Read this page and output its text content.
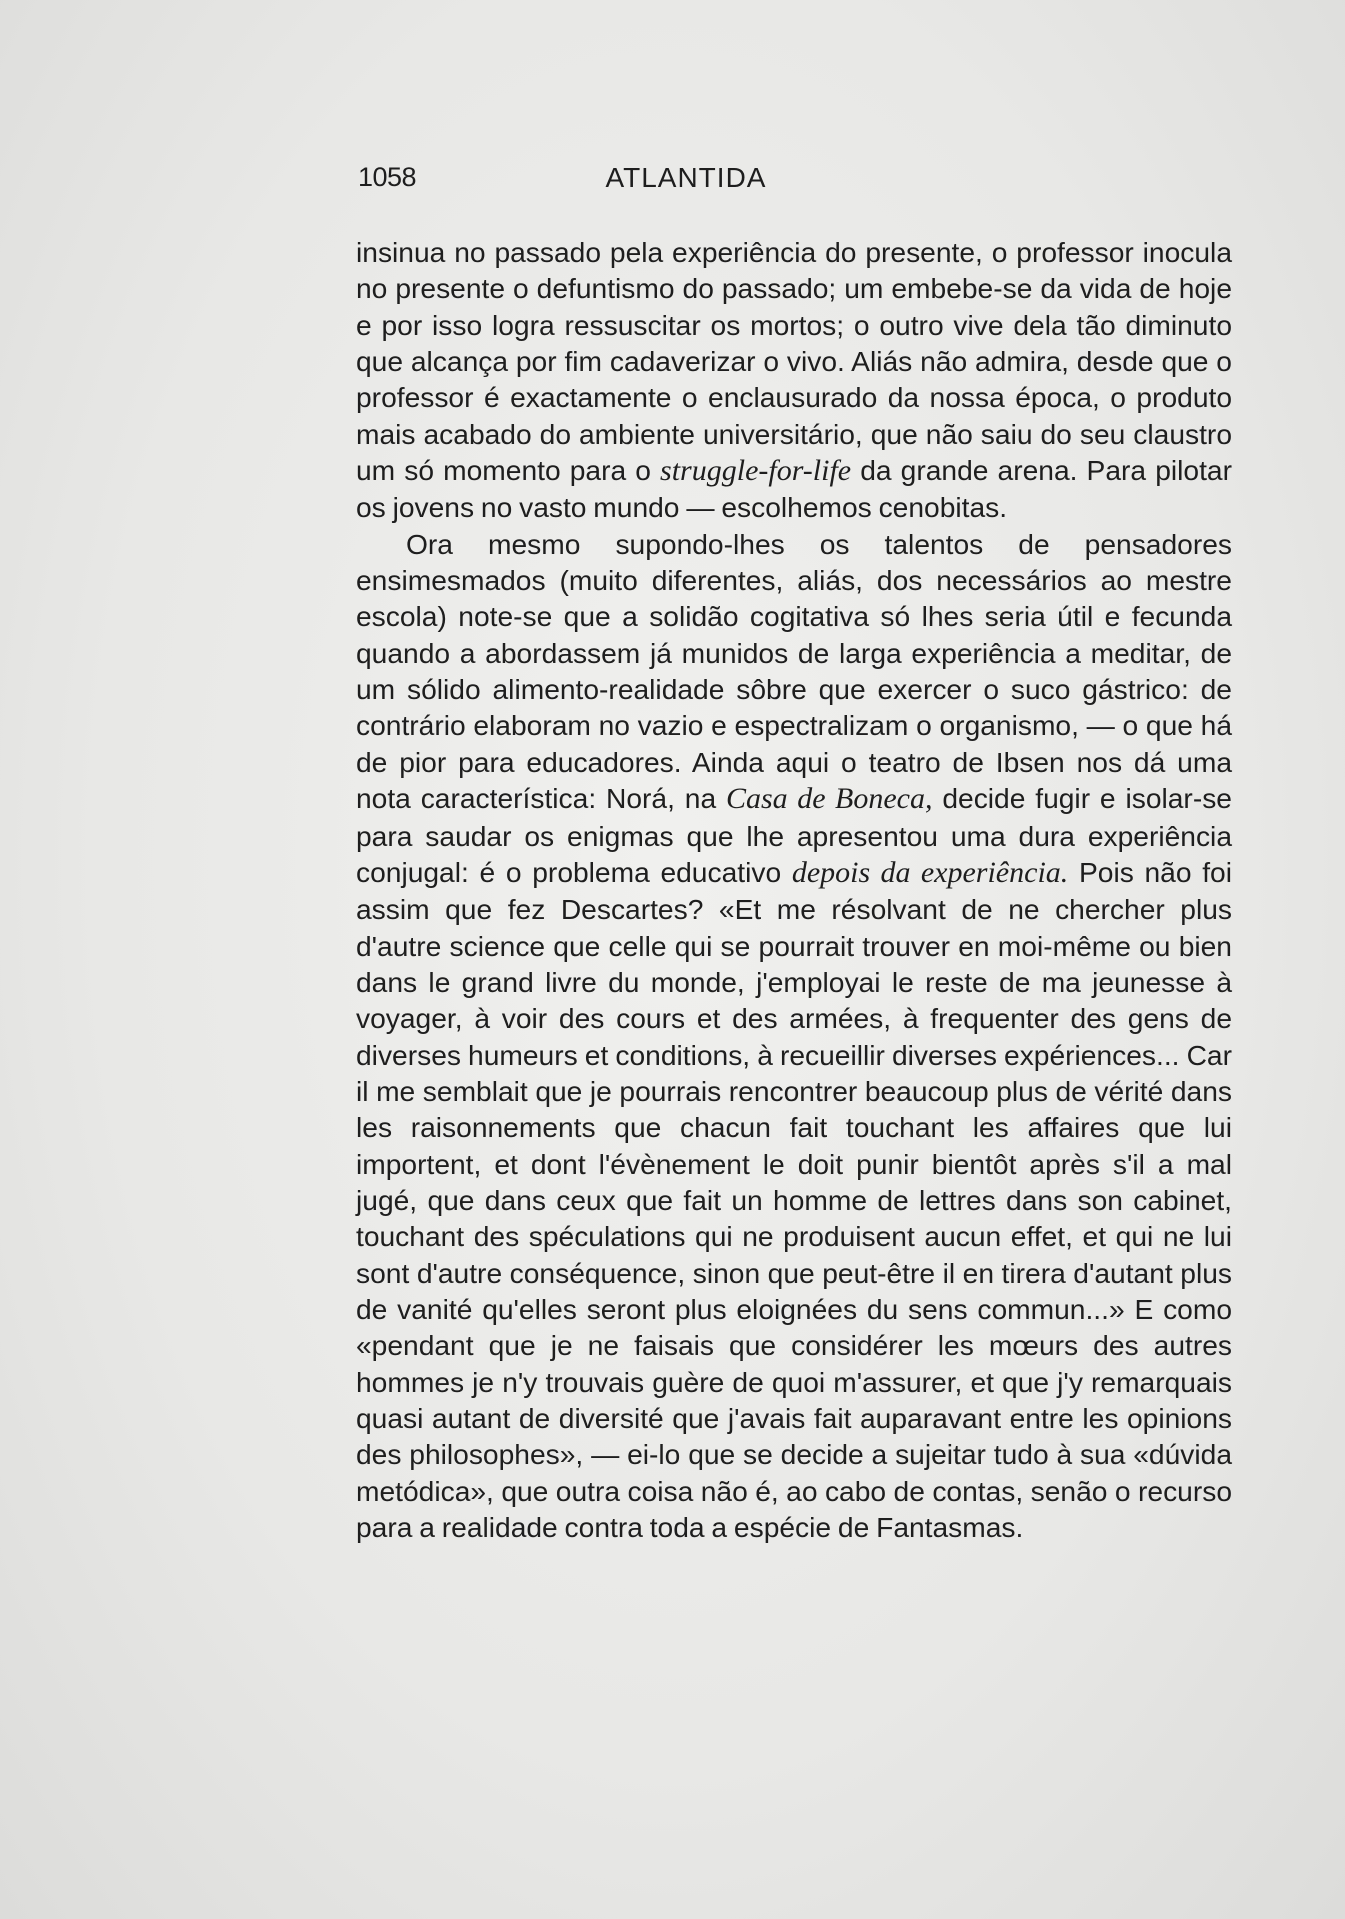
1058	ATLANTIDA

insinua no passado pela experiência do presente, o professor inocula no presente o defuntismo do passado; um embebe-se da vida de hoje e por isso logra ressuscitar os mortos; o outro vive dela tão diminuto que alcança por fim cadaverizar o vivo. Aliás não admira, desde que o professor é exactamente o enclausurado da nossa época, o produto mais acabado do ambiente universitário, que não saiu do seu claustro um só momento para o struggle-for-life da grande arena. Para pilotar os jovens no vasto mundo — escolhemos cenobitas.

Ora mesmo supondo-lhes os talentos de pensadores ensimesmados (muito diferentes, aliás, dos necessários ao mestre escola) note-se que a solidão cogitativa só lhes seria útil e fecunda quando a abordassem já munidos de larga experiência a meditar, de um sólido alimento-realidade sôbre que exercer o suco gástrico: de contrário elaboram no vazio e espectralizam o organismo, — o que há de pior para educadores. Ainda aqui o teatro de Ibsen nos dá uma nota característica: Norá, na Casa de Boneca, decide fugir e isolar-se para saudar os enigmas que lhe apresentou uma dura experiência conjugal: é o problema educativo depois da experiência. Pois não foi assim que fez Descartes? «Et me résolvant de ne chercher plus d'autre science que celle qui se pourrait trouver en moi-même ou bien dans le grand livre du monde, j'employai le reste de ma jeunesse à voyager, à voir des cours et des armées, à frequenter des gens de diverses humeurs et conditions, à recueillir diverses expériences... Car il me semblait que je pourrais rencontrer beaucoup plus de vérité dans les raisonnements que chacun fait touchant les affaires que lui importent, et dont l'évènement le doit punir bientôt après s'il a mal jugé, que dans ceux que fait un homme de lettres dans son cabinet, touchant des spéculations qui ne produisent aucun effet, et qui ne lui sont d'autre conséquence, sinon que peut-être il en tirera d'autant plus de vanité qu'elles seront plus eloignées du sens commun...» E como «pendant que je ne faisais que considérer les mœurs des autres hommes je n'y trouvais guère de quoi m'assurer, et que j'y remarquais quasi autant de diversité que j'avais fait auparavant entre les opinions des philosophes», — ei-lo que se decide a sujeitar tudo à sua «dúvida metódica», que outra coisa não é, ao cabo de contas, senão o recurso para a realidade contra toda a espécie de Fantasmas.
